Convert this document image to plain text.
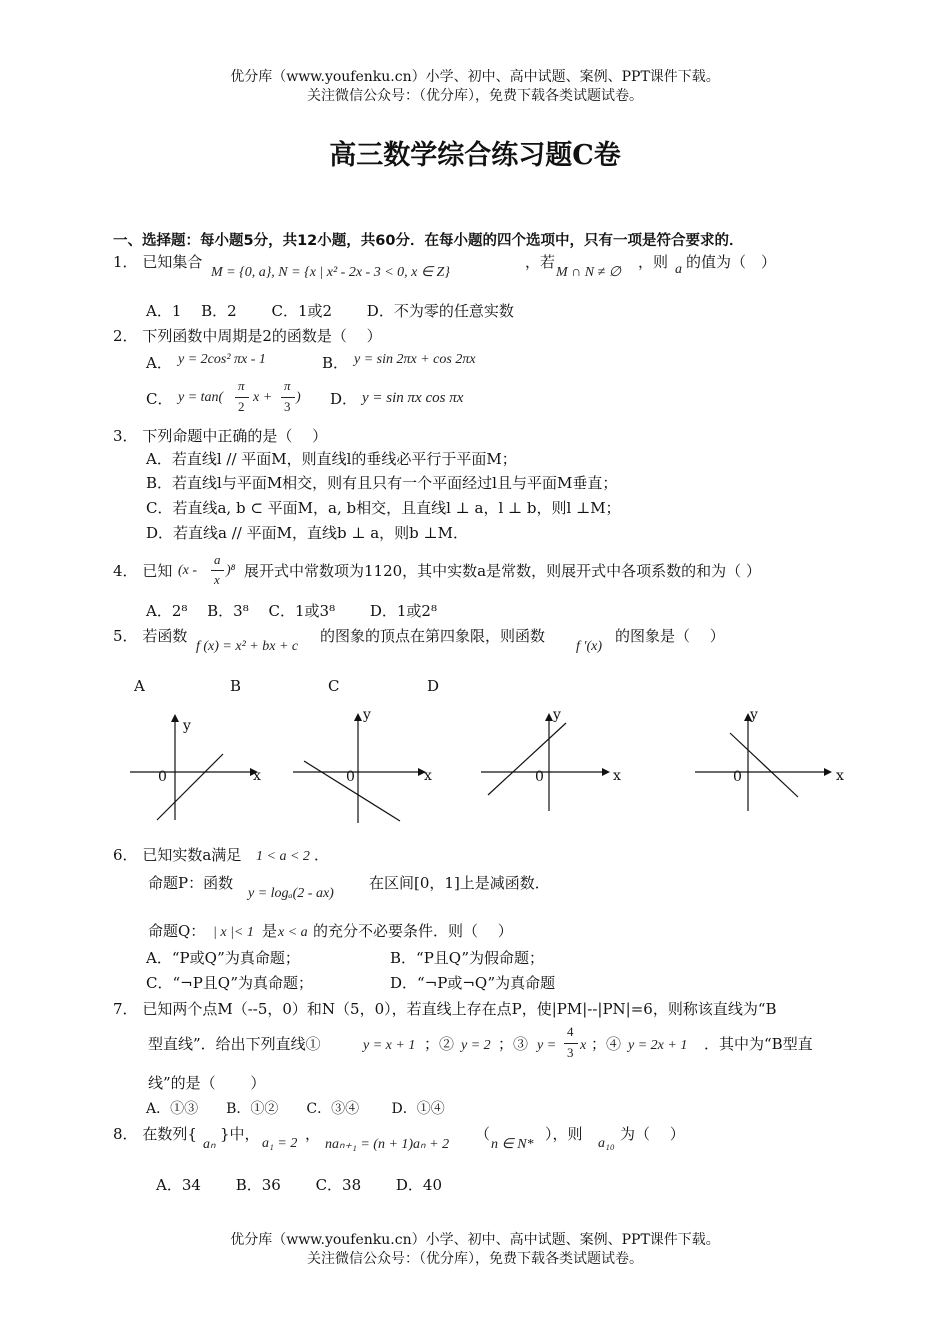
优分库（www.youfenku.cn）小学、初中、高中试题、案例、PPT课件下载。
关注微信公众号：（优分库），免费下载各类试题试卷。
高三数学综合练习题C卷
一、选择题：每小题5分，共12小题，共60分．在每小题的四个选项中，只有一项是符合要求的．
1． 已知集合
M = {0, a}, N = {x | x² - 2x - 3 < 0, x ∈ Z}
，若
M ∩ N ≠ ∅
，则 a 的值为（　）
A．1　 B．2　　 C．1或2　　 D．不为零的任意实数
2． 下列函数中周期是2的函数是（　 ）
A． y = 2cos² πx - 1	B． y = sin 2πx + cos 2πx
C． y = tan(
π
2
x +
π
3
) D． y = sin πx cos πx
3． 下列命题中正确的是（　 ）
A．若直线l // 平面M，则直线l的垂线必平行于平面M；
B．若直线l与平面M相交，则有且只有一个平面经过l且与平面M垂直；
C．若直线a, b ⊂ 平面M，a, b相交，且直线l ⊥ a，l ⊥ b，则l ⊥M；
D．若直线a // 平面M，直线b ⊥ a，则b ⊥M．
4． 已知 (x -
a
x
)⁸ 展开式中常数项为1120，其中实数a是常数，则展开式中各项系数的和为（ ）
A．2⁸　 B．3⁸　 C．1或3⁸　　 D．1或2⁸
5． 若函数
f (x) = x² + bx + c
的图象的顶点在第四象限，则函数
f ′(x)
的图象是（　 ）
A	B	C	D
y
x
0
y
x
0
y
x
0
y
x
0
6． 已知实数a满足 1 < a < 2 ．
命题P：函数
y = logₐ(2 - ax)
在区间[0，1]上是减函数．
命题Q： | x |< 1 是 x < a 的充分不必要条件．则（　 ）
A．“P或Q”为真命题；	B．“P且Q”为假命题；
C．“¬P且Q”为真命题；	D．“¬P或¬Q”为真命题
7． 已知两个点M（--5，0）和N（5，0），若直线上存在点P，使|PM|--|PN|=6，则称该直线为“B
型直线”．给出下列直线①	y = x + 1 ；② y = 2 ；③ y =
4
3 x ；④ y = 2x + 1 ．其中为“B型直
线”的是（　　 ）
A．①③　　B．①②　　C．③④　　 D．①④
8． 在数列{
aₙ
}中，
a₁ = 2
，
naₙ₊₁ = (n + 1)aₙ + 2
（
n ∈ N*
），则
a₁₀
为（　 ）
A．34　　 B．36　　 C．38　　 D．40
优分库（www.youfenku.cn）小学、初中、高中试题、案例、PPT课件下载。
关注微信公众号：（优分库），免费下载各类试题试卷。
